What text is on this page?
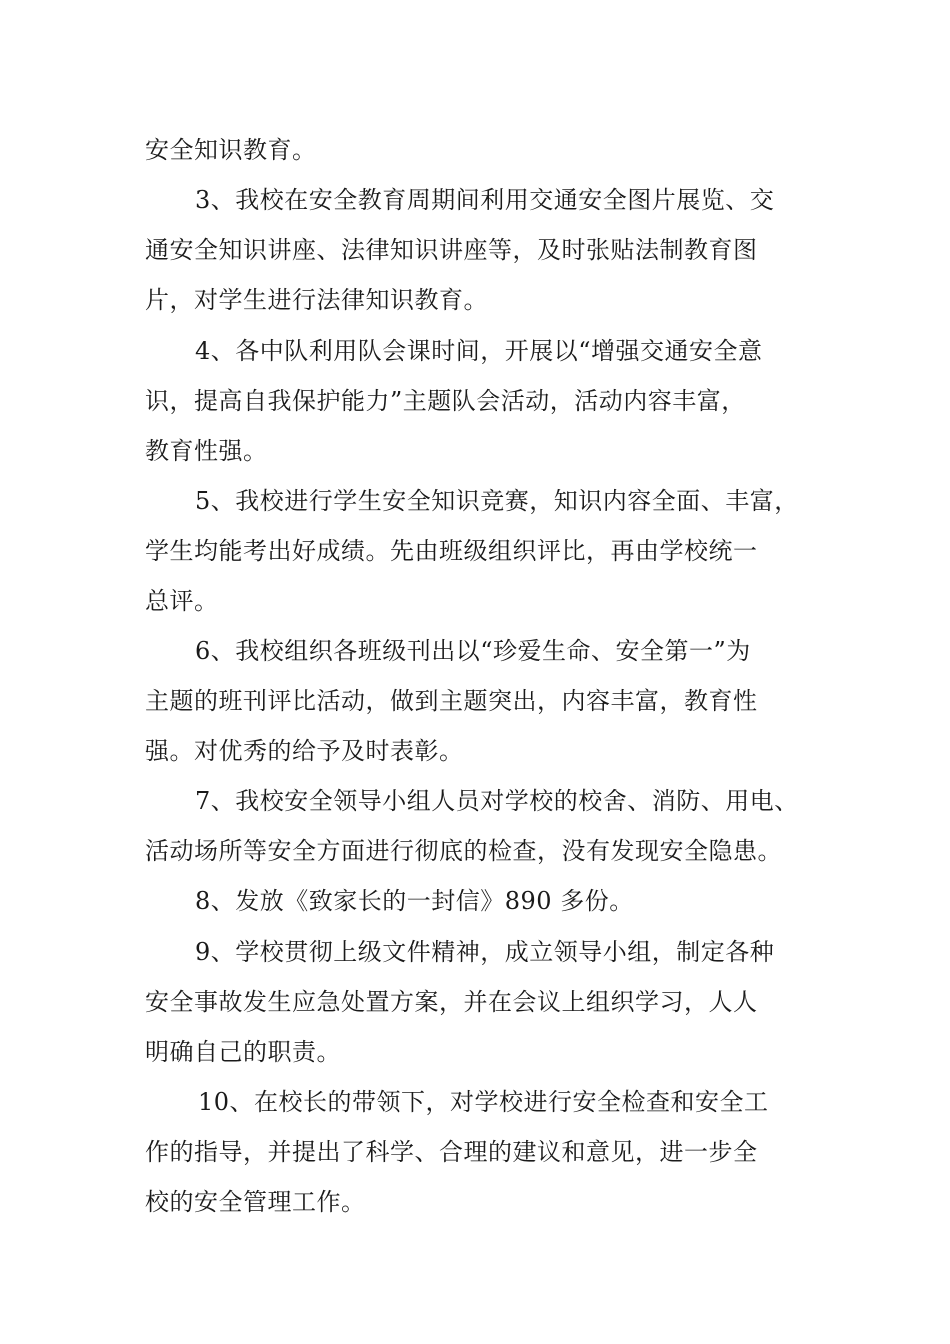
安全知识教育。
3、我校在安全教育周期间利用交通安全图片展览、交
通安全知识讲座、法律知识讲座等，及时张贴法制教育图
片，对学生进行法律知识教育。
4、各中队利用队会课时间，开展以“增强交通安全意
识，提高自我保护能力”主题队会活动，活动内容丰富，
教育性强。
5、我校进行学生安全知识竞赛，知识内容全面、丰富，
学生均能考出好成绩。先由班级组织评比，再由学校统一
总评。
6、我校组织各班级刊出以“珍爱生命、安全第一”为
主题的班刊评比活动，做到主题突出，内容丰富，教育性
强。对优秀的给予及时表彰。
7、我校安全领导小组人员对学校的校舍、消防、用电、
活动场所等安全方面进行彻底的检查，没有发现安全隐患。
8、发放《致家长的一封信》890 多份。
9、学校贯彻上级文件精神，成立领导小组，制定各种
安全事故发生应急处置方案，并在会议上组织学习，人人
明确自己的职责。
10、在校长的带领下，对学校进行安全检查和安全工
作的指导，并提出了科学、合理的建议和意见，进一步全
校的安全管理工作。
